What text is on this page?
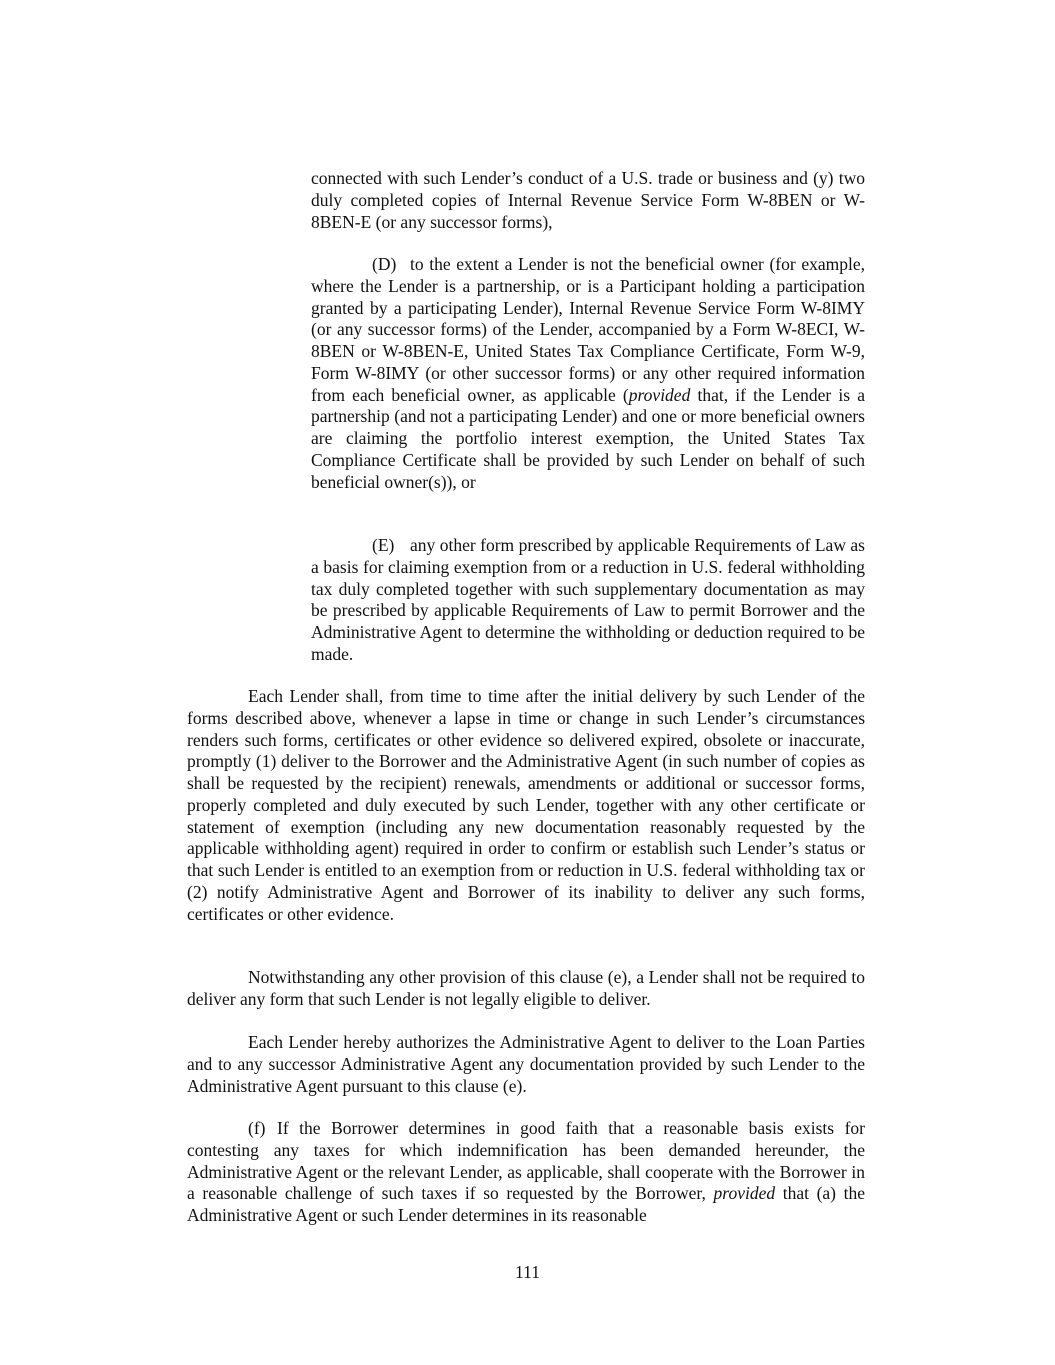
connected with such Lender’s conduct of a U.S. trade or business and (y) two duly completed copies of Internal Revenue Service Form W-8BEN or W-8BEN-E (or any successor forms),

(D) to the extent a Lender is not the beneficial owner (for example, where the Lender is a partnership, or is a Participant holding a participation granted by a participating Lender), Internal Revenue Service Form W-8IMY (or any successor forms) of the Lender, accompanied by a Form W-8ECI, W-8BEN or W-8BEN-E, United States Tax Compliance Certificate, Form W-9, Form W-8IMY (or other successor forms) or any other required information from each beneficial owner, as applicable (provided that, if the Lender is a partnership (and not a participating Lender) and one or more beneficial owners are claiming the portfolio interest exemption, the United States Tax Compliance Certificate shall be provided by such Lender on behalf of such beneficial owner(s)), or

(E) any other form prescribed by applicable Requirements of Law as a basis for claiming exemption from or a reduction in U.S. federal withholding tax duly completed together with such supplementary documentation as may be prescribed by applicable Requirements of Law to permit Borrower and the Administrative Agent to determine the withholding or deduction required to be made.

Each Lender shall, from time to time after the initial delivery by such Lender of the forms described above, whenever a lapse in time or change in such Lender’s circumstances renders such forms, certificates or other evidence so delivered expired, obsolete or inaccurate, promptly (1) deliver to the Borrower and the Administrative Agent (in such number of copies as shall be requested by the recipient) renewals, amendments or additional or successor forms, properly completed and duly executed by such Lender, together with any other certificate or statement of exemption (including any new documentation reasonably requested by the applicable withholding agent) required in order to confirm or establish such Lender’s status or that such Lender is entitled to an exemption from or reduction in U.S. federal withholding tax or (2) notify Administrative Agent and Borrower of its inability to deliver any such forms, certificates or other evidence.

Notwithstanding any other provision of this clause (e), a Lender shall not be required to deliver any form that such Lender is not legally eligible to deliver.

Each Lender hereby authorizes the Administrative Agent to deliver to the Loan Parties and to any successor Administrative Agent any documentation provided by such Lender to the Administrative Agent pursuant to this clause (e).

(f) If the Borrower determines in good faith that a reasonable basis exists for contesting any taxes for which indemnification has been demanded hereunder, the Administrative Agent or the relevant Lender, as applicable, shall cooperate with the Borrower in a reasonable challenge of such taxes if so requested by the Borrower, provided that (a) the Administrative Agent or such Lender determines in its reasonable

111
